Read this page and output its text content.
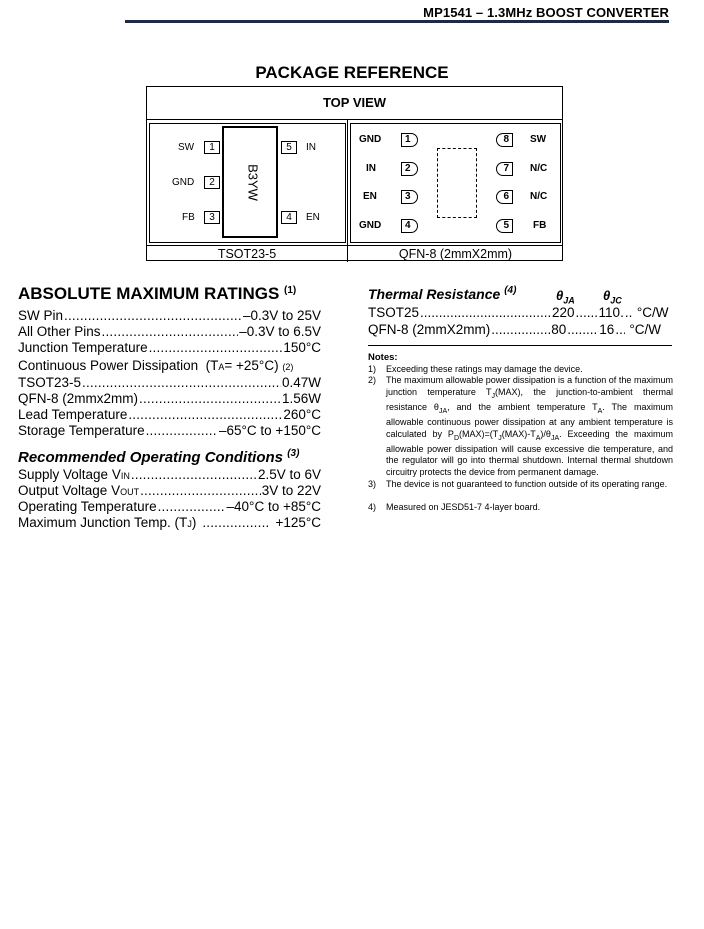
MP1541 – 1.3MHz BOOST CONVERTER
PACKAGE REFERENCE
TOP VIEW
TSOT23-5	QFN-8 (2mmX2mm)
B3YW
SW	1
GND	2
FB	3
5	IN
4	EN
GND	1
IN	2
EN	3
GND	4
8	SW
7	N/C
6	N/C
5	FB
ABSOLUTE MAXIMUM RATINGS $^{(1)}$
SW Pin .....	–0.3V to 25V
All Other Pins .....	–0.3V to 6.5V
Junction Temperature .....	150°C
Continuous Power Dissipation
(T A = +25°C)
(2)
TSOT23-5 .....	0.47W
QFN-8 (2mmx2mm) .....	1.56W
Lead Temperature .....	260°C
Storage Temperature .....	–65°C to +150°C
Recommended Operating Conditions $^{(3)}$
Supply Voltage V IN .....	2.5V to 6V
Output Voltage V OUT .....	3V to 22V
Operating Temperature .....	–40°C to +85°C
Maximum Junction Temp. (T J ) .....	+125°C
Thermal Resistance $^{(4)}$	$\theta_{JA}$ $\theta_{JC}$
TSOT25 .....	220 ..... 110. ..... °C/W
QFN-8 (2mmX2mm) .....	80 ..... 16 ..... °C/W
Notes:
1) Exceeding these ratings may damage the device.
2) The maximum allowable power dissipation is a function of the maximum junction temperature $T_J(MAX)$, the junction-to-ambient thermal resistance $\theta_{JA}$, and the ambient temperature $T_A$. The maximum allowable continuous power dissipation at any ambient temperature is calculated by $P_D(MAX)=(T_J(MAX)-T_A)/\theta_{JA}$. Exceeding the maximum allowable power dissipation will cause excessive die temperature, and the regulator will go into thermal shutdown. Internal thermal shutdown circuitry protects the device from permanent damage.
3) The device is not guaranteed to function outside of its operating range.
4) Measured on JESD51-7 4-layer board.
